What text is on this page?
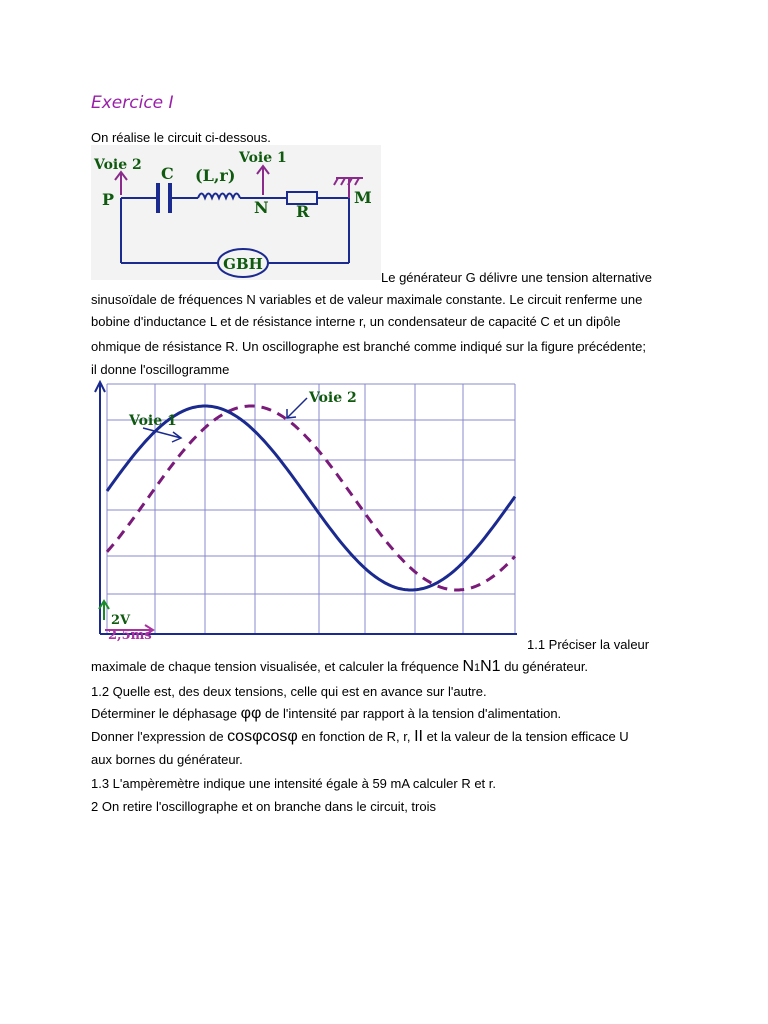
Exercice I
On réalise le circuit ci-dessous.
Voie 2	Voie 1
C (L,r)
P	N R
M
GBH
Le générateur G délivre une tension alternative
sinusoïdale de fréquences N variables et de valeur maximale constante. Le circuit renferme une
bobine d'inductance L et de résistance interne r, un condensateur de capacité C et un dipôle
ohmique de résistance R. Un oscillographe est branché comme indiqué sur la figure précédente;
il donne l'oscillogramme
Voie 1
Voie 2
2V
2,5ms
1.1 Préciser la valeur
maximale de chaque tension visualisée, et calculer la fréquence N1N1 du générateur.
1.2 Quelle est, des deux tensions, celle qui est en avance sur l'autre.
Déterminer le déphasage φφ de l'intensité par rapport à la tension d'alimentation.
Donner l'expression de cosφcosφ en fonction de R, r, II et la valeur de la tension efficace U
aux bornes du générateur.
1.3 L'ampèremètre indique une intensité égale à 59 mA calculer R et r.
2 On retire l'oscillographe et on branche dans le circuit, trois
